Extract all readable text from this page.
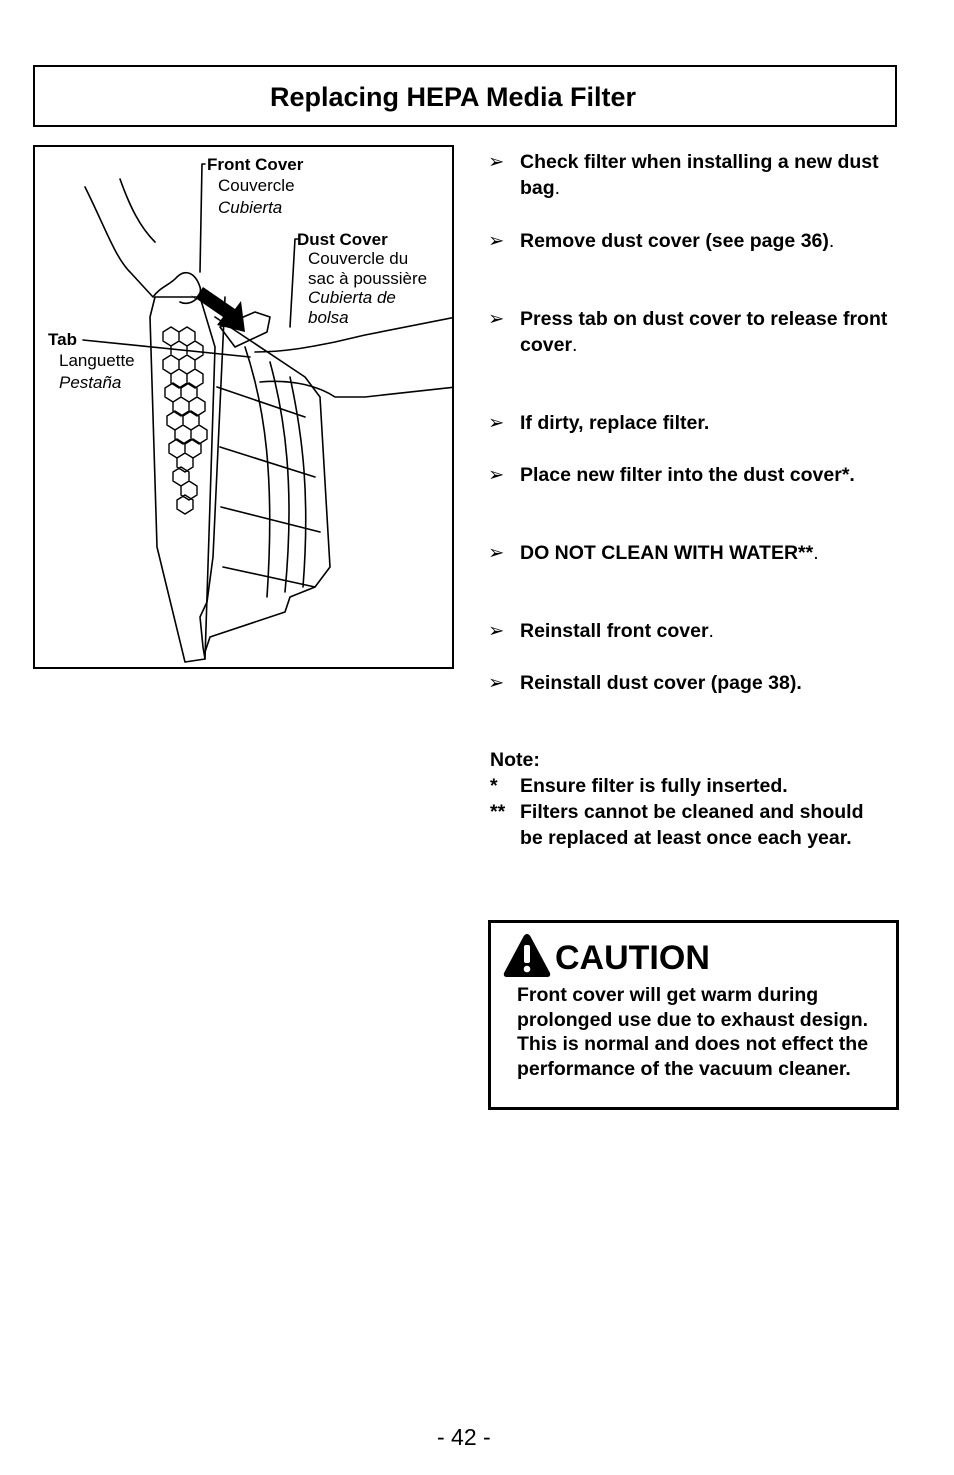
Replacing HEPA Media Filter
Front Cover
Couvercle
Cubierta
Dust Cover
Couvercle du
sac à poussière
Cubierta de
bolsa
Tab
Languette
Pestaña
➢ Check filter when installing a new dust bag.
➢ Remove dust cover (see page 36).
➢ Press tab on dust cover to release front cover.
➢ If dirty, replace filter.
➢ Place new filter into the dust cover*.
➢ DO NOT CLEAN WITH WATER**.
➢ Reinstall front cover.
➢ Reinstall dust cover (page 38).
Note:
* Ensure filter is fully inserted.
** Filters cannot be cleaned and should be replaced at least once each year.
CAUTION
Front cover will get warm during prolonged use due to exhaust design. This is normal and does not effect the performance of the vacuum cleaner.
- 42 -
